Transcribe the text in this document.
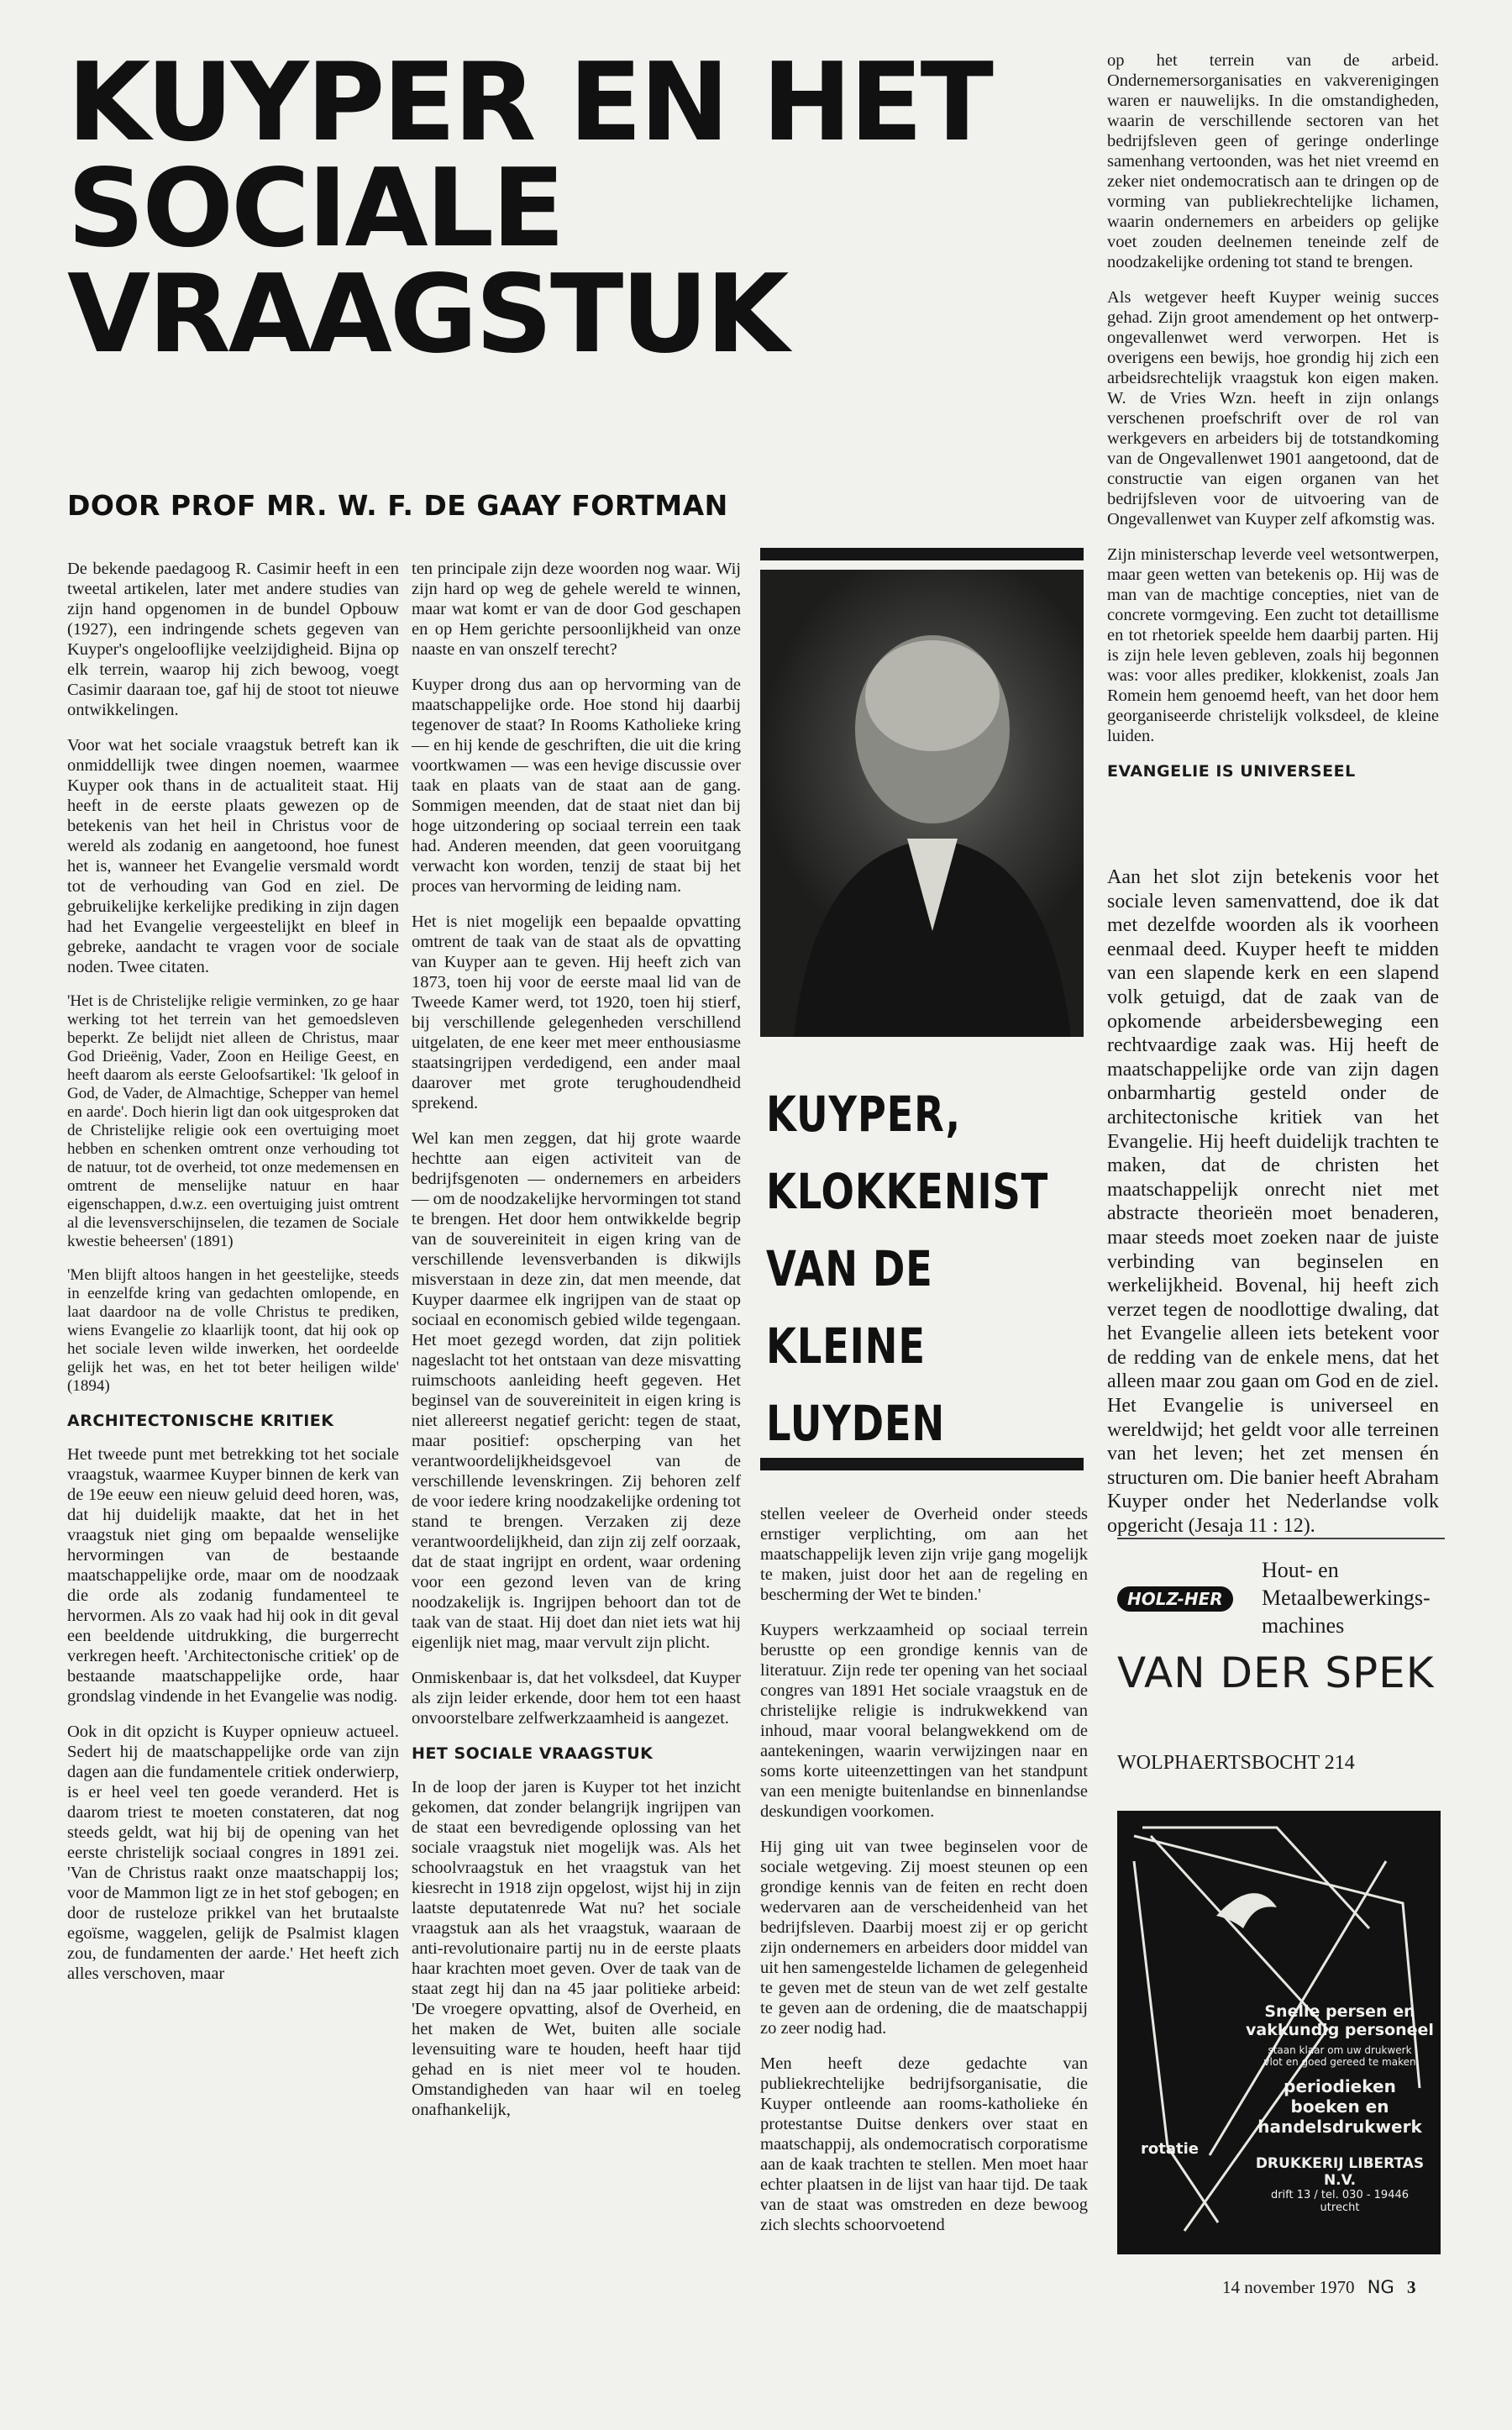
KUYPER EN HET
SOCIALE
VRAAGSTUK
DOOR PROF MR. W. F. DE GAAY FORTMAN

De bekende paedagoog R. Casimir heeft in een tweetal artikelen, later met andere studies van zijn hand opgenomen in de bundel Opbouw (1927), een indringende schets gegeven van Kuyper's ongelooflijke veelzijdigheid. Bijna op elk terrein, waarop hij zich bewoog, voegt Casimir daaraan toe, gaf hij de stoot tot nieuwe ontwikkelingen.

Voor wat het sociale vraagstuk betreft kan ik onmiddellijk twee dingen noemen, waarmee Kuyper ook thans in de actualiteit staat. Hij heeft in de eerste plaats gewezen op de betekenis van het heil in Christus voor de wereld als zodanig en aangetoond, hoe funest het is, wanneer het Evangelie versmald wordt tot de verhouding van God en ziel. De gebruikelijke kerkelijke prediking in zijn dagen had het Evangelie vergeestelijkt en bleef in gebreke, aandacht te vragen voor de sociale noden. Twee citaten.

'Het is de Christelijke religie verminken, zo ge haar werking tot het terrein van het gemoedsleven beperkt. Ze belijdt niet alleen de Christus, maar God Drieënig, Vader, Zoon en Heilige Geest, en heeft daarom als eerste Geloofsartikel: 'Ik geloof in God, de Vader, de Almachtige, Schepper van hemel en aarde'. Doch hierin ligt dan ook uitgesproken dat de Christelijke religie ook een overtuiging moet hebben en schenken omtrent onze verhouding tot de natuur, tot de overheid, tot onze medemensen en omtrent de menselijke natuur en haar eigenschappen, d.w.z. een overtuiging juist omtrent al die levensverschijnselen, die tezamen de Sociale kwestie beheersen' (1891)

'Men blijft altoos hangen in het geestelijke, steeds in eenzelfde kring van gedachten omlopende, en laat daardoor na de volle Christus te prediken, wiens Evangelie zo klaarlijk toont, dat hij ook op het sociale leven wilde inwerken, het oordeelde gelijk het was, en het tot beter heiligen wilde' (1894)

ARCHITECTONISCHE KRITIEK

Het tweede punt met betrekking tot het sociale vraagstuk, waarmee Kuyper binnen de kerk van de 19e eeuw een nieuw geluid deed horen, was, dat hij duidelijk maakte, dat het in het vraagstuk niet ging om bepaalde wenselijke hervormingen van de bestaande maatschappelijke orde, maar om de noodzaak die orde als zodanig fundamenteel te hervormen. Als zo vaak had hij ook in dit geval een beeldende uitdrukking, die burgerrecht verkregen heeft. 'Architectonische critiek' op de bestaande maatschappelijke orde, haar grondslag vindende in het Evangelie was nodig.

Ook in dit opzicht is Kuyper opnieuw actueel. Sedert hij de maatschappelijke orde van zijn dagen aan die fundamentele critiek onderwierp, is er heel veel ten goede veranderd. Het is daarom triest te moeten constateren, dat nog steeds geldt, wat hij bij de opening van het eerste christelijk sociaal congres in 1891 zei. 'Van de Christus raakt onze maatschappij los; voor de Mammon ligt ze in het stof gebogen; en door de rusteloze prikkel van het brutaalste egoïsme, waggelen, gelijk de Psalmist klagen zou, de fundamenten der aarde.' Het heeft zich alles verschoven, maar

ten principale zijn deze woorden nog waar. Wij zijn hard op weg de gehele wereld te winnen, maar wat komt er van de door God geschapen en op Hem gerichte persoonlijkheid van onze naaste en van onszelf terecht?

Kuyper drong dus aan op hervorming van de maatschappelijke orde. Hoe stond hij daarbij tegenover de staat? In Rooms Katholieke kring — en hij kende de geschriften, die uit die kring voortkwamen — was een hevige discussie over taak en plaats van de staat aan de gang. Sommigen meenden, dat de staat niet dan bij hoge uitzondering op sociaal terrein een taak had. Anderen meenden, dat geen vooruitgang verwacht kon worden, tenzij de staat bij het proces van hervorming de leiding nam.

Het is niet mogelijk een bepaalde opvatting omtrent de taak van de staat als de opvatting van Kuyper aan te geven. Hij heeft zich van 1873, toen hij voor de eerste maal lid van de Tweede Kamer werd, tot 1920, toen hij stierf, bij verschillende gelegenheden verschillend uitgelaten, de ene keer met meer enthousiasme staatsingrijpen verdedigend, een ander maal daarover met grote terughoudendheid sprekend.

Wel kan men zeggen, dat hij grote waarde hechtte aan eigen activiteit van de bedrijfsgenoten — ondernemers en arbeiders — om de noodzakelijke hervormingen tot stand te brengen. Het door hem ontwikkelde begrip van de souvereiniteit in eigen kring van de verschillende levensverbanden is dikwijls misverstaan in deze zin, dat men meende, dat Kuyper daarmee elk ingrijpen van de staat op sociaal en economisch gebied wilde tegengaan. Het moet gezegd worden, dat zijn politiek nageslacht tot het ontstaan van deze misvatting ruimschoots aanleiding heeft gegeven. Het beginsel van de souvereiniteit in eigen kring is niet allereerst negatief gericht: tegen de staat, maar positief: opscherping van het verantwoordelijkheidsgevoel van de verschillende levenskringen. Zij behoren zelf de voor iedere kring noodzakelijke ordening tot stand te brengen. Verzaken zij deze verantwoordelijkheid, dan zijn zij zelf oorzaak, dat de staat ingrijpt en ordent, waar ordening voor een gezond leven van de kring noodzakelijk is. Ingrijpen behoort dan tot de taak van de staat. Hij doet dan niet iets wat hij eigenlijk niet mag, maar vervult zijn plicht.

Onmiskenbaar is, dat het volksdeel, dat Kuyper als zijn leider erkende, door hem tot een haast onvoorstelbare zelfwerkzaamheid is aangezet.

HET SOCIALE VRAAGSTUK

In de loop der jaren is Kuyper tot het inzicht gekomen, dat zonder belangrijk ingrijpen van de staat een bevredigende oplossing van het sociale vraagstuk niet mogelijk was. Als het schoolvraagstuk en het vraagstuk van het kiesrecht in 1918 zijn opgelost, wijst hij in zijn laatste deputatenrede Wat nu? het sociale vraagstuk aan als het vraagstuk, waaraan de anti-revolutionaire partij nu in de eerste plaats haar krachten moet geven. Over de taak van de staat zegt hij dan na 45 jaar politieke arbeid: 'De vroegere opvatting, alsof de Overheid, en het maken de Wet, buiten alle sociale levensuiting ware te houden, heeft haar tijd gehad en is niet meer vol te houden. Omstandigheden van haar wil en toeleg onafhankelijk,

KUYPER,
KLOKKENIST
VAN DE
KLEINE
LUYDEN

stellen veeleer de Overheid onder steeds ernstiger verplichting, om aan het maatschappelijk leven zijn vrije gang mogelijk te maken, juist door het aan de regeling en bescherming der Wet te binden.'

Kuypers werkzaamheid op sociaal terrein berustte op een grondige kennis van de literatuur. Zijn rede ter opening van het sociaal congres van 1891 Het sociale vraagstuk en de christelijke religie is indrukwekkend van inhoud, maar vooral belangwekkend om de aantekeningen, waarin verwijzingen naar en soms korte uiteenzettingen van het standpunt van een menigte buitenlandse en binnenlandse deskundigen voorkomen.

Hij ging uit van twee beginselen voor de sociale wetgeving. Zij moest steunen op een grondige kennis van de feiten en recht doen wedervaren aan de verscheidenheid van het bedrijfsleven. Daarbij moest zij er op gericht zijn ondernemers en arbeiders door middel van uit hen samengestelde lichamen de gelegenheid te geven met de steun van de wet zelf gestalte te geven aan de ordening, die de maatschappij zo zeer nodig had.

Men heeft deze gedachte van publiekrechtelijke bedrijfsorganisatie, die Kuyper ontleende aan rooms-katholieke én protestantse Duitse denkers over staat en maatschappij, als ondemocratisch corporatisme aan de kaak trachten te stellen. Men moet haar echter plaatsen in de lijst van haar tijd. De taak van de staat was omstreden en deze bewoog zich slechts schoorvoetend

op het terrein van de arbeid. Ondernemersorganisaties en vakverenigingen waren er nauwelijks. In die omstandigheden, waarin de verschillende sectoren van het bedrijfsleven geen of geringe onderlinge samenhang vertoonden, was het niet vreemd en zeker niet ondemocratisch aan te dringen op de vorming van publiekrechtelijke lichamen, waarin ondernemers en arbeiders op gelijke voet zouden deelnemen teneinde zelf de noodzakelijke ordening tot stand te brengen.

Als wetgever heeft Kuyper weinig succes gehad. Zijn groot amendement op het ontwerp-ongevallenwet werd verworpen. Het is overigens een bewijs, hoe grondig hij zich een arbeidsrechtelijk vraagstuk kon eigen maken. W. de Vries Wzn. heeft in zijn onlangs verschenen proefschrift over de rol van werkgevers en arbeiders bij de totstandkoming van de Ongevallenwet 1901 aangetoond, dat de constructie van eigen organen van het bedrijfsleven voor de uitvoering van de Ongevallenwet van Kuyper zelf afkomstig was.

Zijn ministerschap leverde veel wetsontwerpen, maar geen wetten van betekenis op. Hij was de man van de machtige concepties, niet van de concrete vormgeving. Een zucht tot detaillisme en tot rhetoriek speelde hem daarbij parten. Hij is zijn hele leven gebleven, zoals hij begonnen was: voor alles prediker, klokkenist, zoals Jan Romein hem genoemd heeft, van het door hem georganiseerde christelijk volksdeel, de kleine luiden.

EVANGELIE IS UNIVERSEEL

Aan het slot zijn betekenis voor het sociale leven samenvattend, doe ik dat met dezelfde woorden als ik voorheen eenmaal deed. Kuyper heeft te midden van een slapende kerk en een slapend volk getuigd, dat de zaak van de opkomende arbeidersbeweging een rechtvaardige zaak was. Hij heeft de maatschappelijke orde van zijn dagen onbarmhartig gesteld onder de architectonische kritiek van het Evangelie. Hij heeft duidelijk trachten te maken, dat de christen het maatschappelijk onrecht niet met abstracte theorieën moet benaderen, maar steeds moet zoeken naar de juiste verbinding van beginselen en werkelijkheid. Bovenal, hij heeft zich verzet tegen de noodlottige dwaling, dat het Evangelie alleen iets betekent voor de redding van de enkele mens, dat het alleen maar zou gaan om God en de ziel. Het Evangelie is universeel en wereldwijd; het geldt voor alle terreinen van het leven; het zet mensen én structuren om. Die banier heeft Abraham Kuyper onder het Nederlandse volk opgericht (Jesaja 11 : 12).

HOLZ-HER
Hout- en
Metaalbewerkings-
machines
VAN DER SPEK

WOLPHAERTSBOCHT 214

Snelle persen en
vakkundig personeel
staan klaar om uw drukwerk
vlot en goed gereed te maken
periodieken
boeken en
handelsdrukwerk
DRUKKERIJ LIBERTAS N.V.
drift 13 / tel. 030 - 19446
utrecht
rotatie
14 november 1970 NG 3
